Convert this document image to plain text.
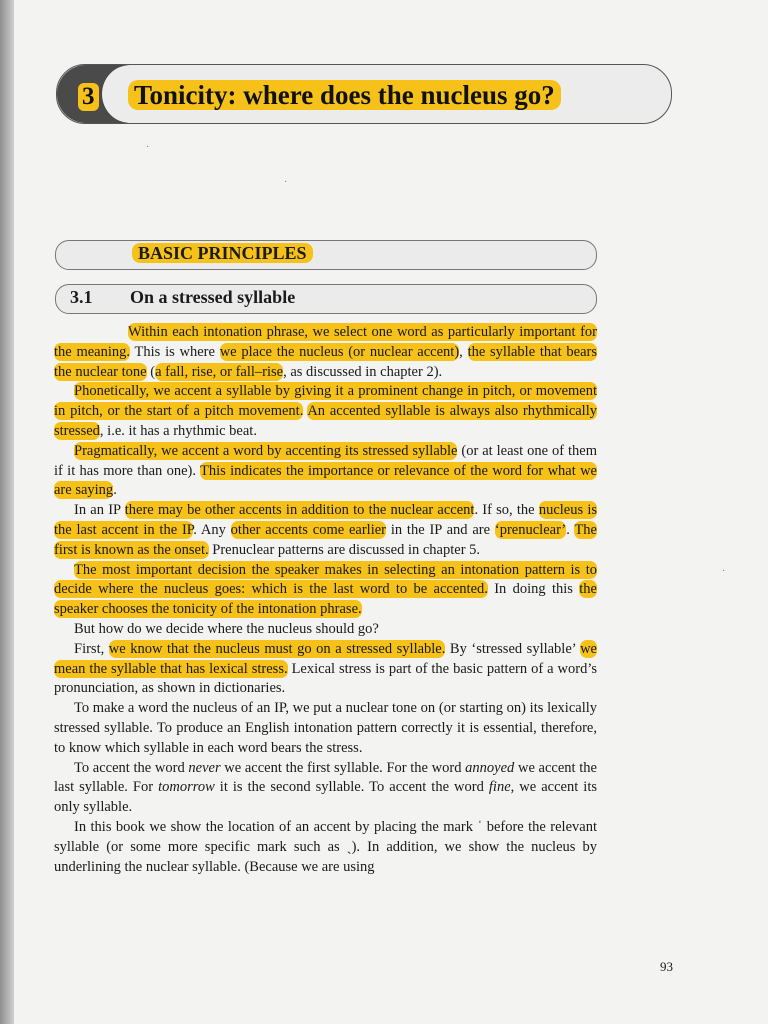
3 Tonicity: where does the nucleus go?
·
·
·
BASIC PRINCIPLES
3.1 On a stressed syllable

Within each intonation phrase, we select one word as particularly important for the meaning. This is where we place the nucleus (or nuclear accent), the syllable that bears the nuclear tone (a fall, rise, or fall–rise, as discussed in chapter 2).

Phonetically, we accent a syllable by giving it a prominent change in pitch, or movement in pitch, or the start of a pitch movement. An accented syllable is always also rhythmically stressed, i.e. it has a rhythmic beat.

Pragmatically, we accent a word by accenting its stressed syllable (or at least one of them if it has more than one). This indicates the importance or relevance of the word for what we are saying.

In an IP there may be other accents in addition to the nuclear accent. If so, the nucleus is the last accent in the IP. Any other accents come earlier in the IP and are ‘prenuclear’. The first is known as the onset. Prenuclear patterns are discussed in chapter 5.

The most important decision the speaker makes in selecting an intonation pattern is to decide where the nucleus goes: which is the last word to be accented. In doing this the speaker chooses the tonicity of the intonation phrase.

But how do we decide where the nucleus should go?

First, we know that the nucleus must go on a stressed syllable. By ‘stressed syllable’ we mean the syllable that has lexical stress. Lexical stress is part of the basic pattern of a word’s pronunciation, as shown in dictionaries.

To make a word the nucleus of an IP, we put a nuclear tone on (or starting on) its lexically stressed syllable. To produce an English intonation pattern correctly it is essential, therefore, to know which syllable in each word bears the stress.

To accent the word never we accent the first syllable. For the word annoyed we accent the last syllable. For tomorrow it is the second syllable. To accent the word fine, we accent its only syllable.

In this book we show the location of an accent by placing the mark ˈ before the relevant syllable (or some more specific mark such as ˎ). In addition, we show the nucleus by underlining the nuclear syllable. (Because we are using

93
